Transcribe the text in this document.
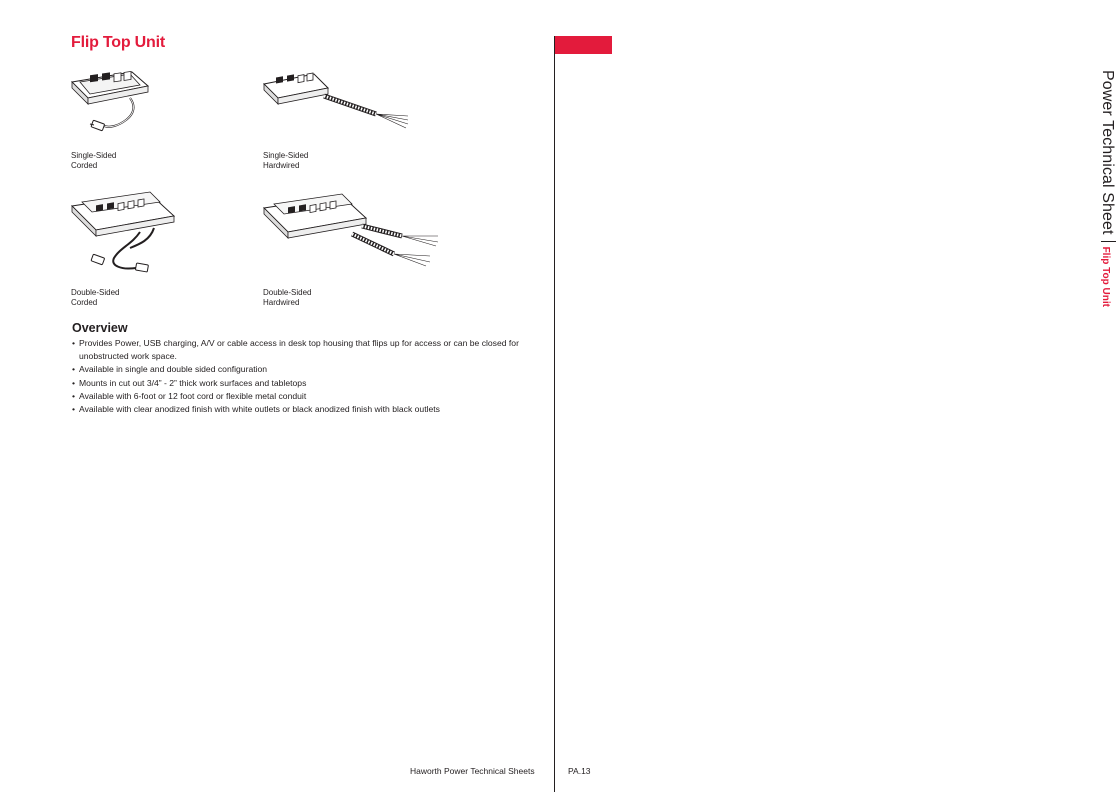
Flip Top Unit
Single-Sided
Corded
Single-Sided
Hardwired
Double-Sided
Corded
Double-Sided
Hardwired
Overview
• Provides Power, USB charging, A/V or cable access in desk top housing that flips up for access or can be closed for unobstructed work space.
• Available in single and double sided configuration
• Mounts in cut out 3/4” - 2” thick work surfaces and tabletops
• Available with 6-foot or 12 foot cord or flexible metal conduit
• Available with clear anodized finish with white outlets or black anodized finish with black outlets
Power Technical SheetFlip Top Unit
Haworth Power Technical Sheets	PA.13
